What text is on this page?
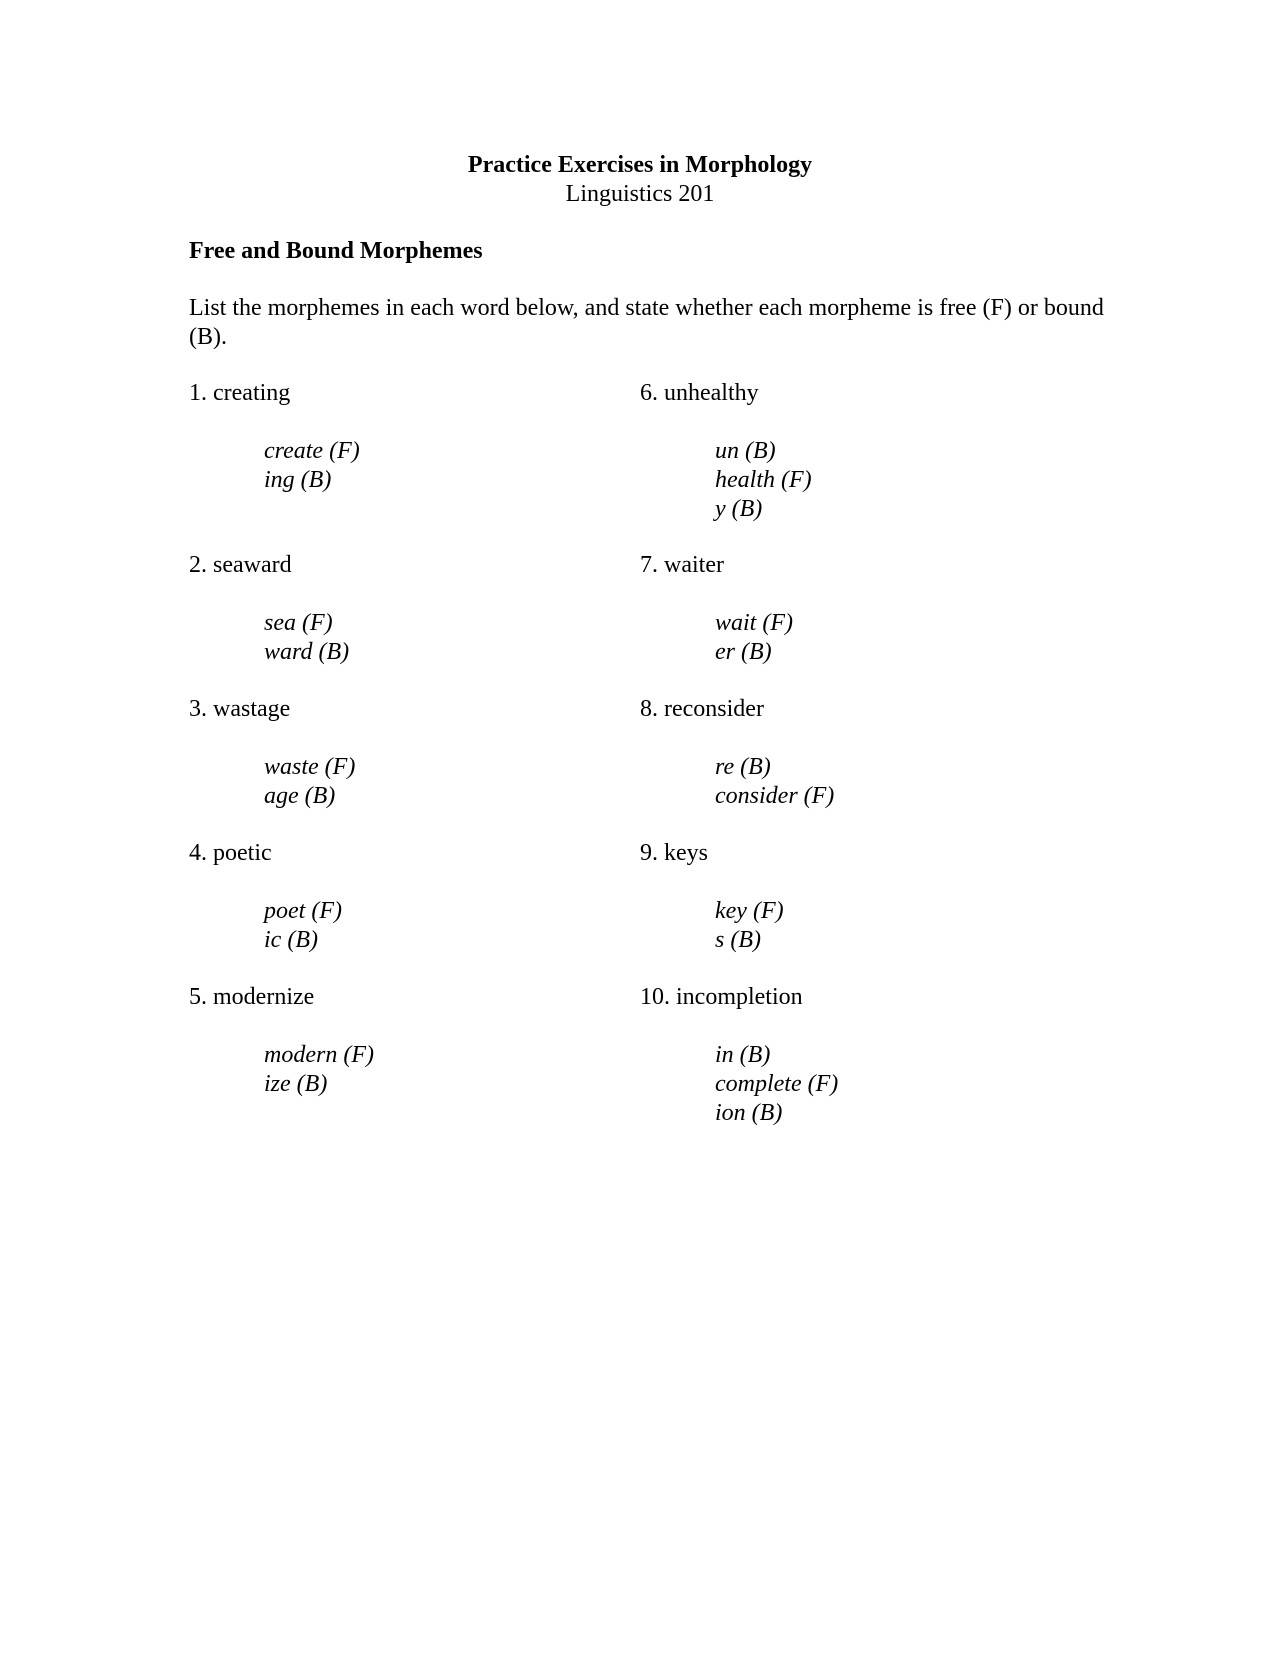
Practice Exercises in Morphology
Linguistics 201
Free and Bound Morphemes
List the morphemes in each word below, and state whether each morpheme is free (F) or bound (B).
1. creating
create (F)
ing (B)
2. seaward
sea (F)
ward (B)
3. wastage
waste (F)
age (B)
4. poetic
poet (F)
ic (B)
5. modernize
modern (F)
ize (B)
6. unhealthy
un (B)
health (F)
y (B)
7. waiter
wait (F)
er (B)
8. reconsider
re (B)
consider (F)
9. keys
key (F)
s (B)
10. incompletion
in (B)
complete (F)
ion (B)
